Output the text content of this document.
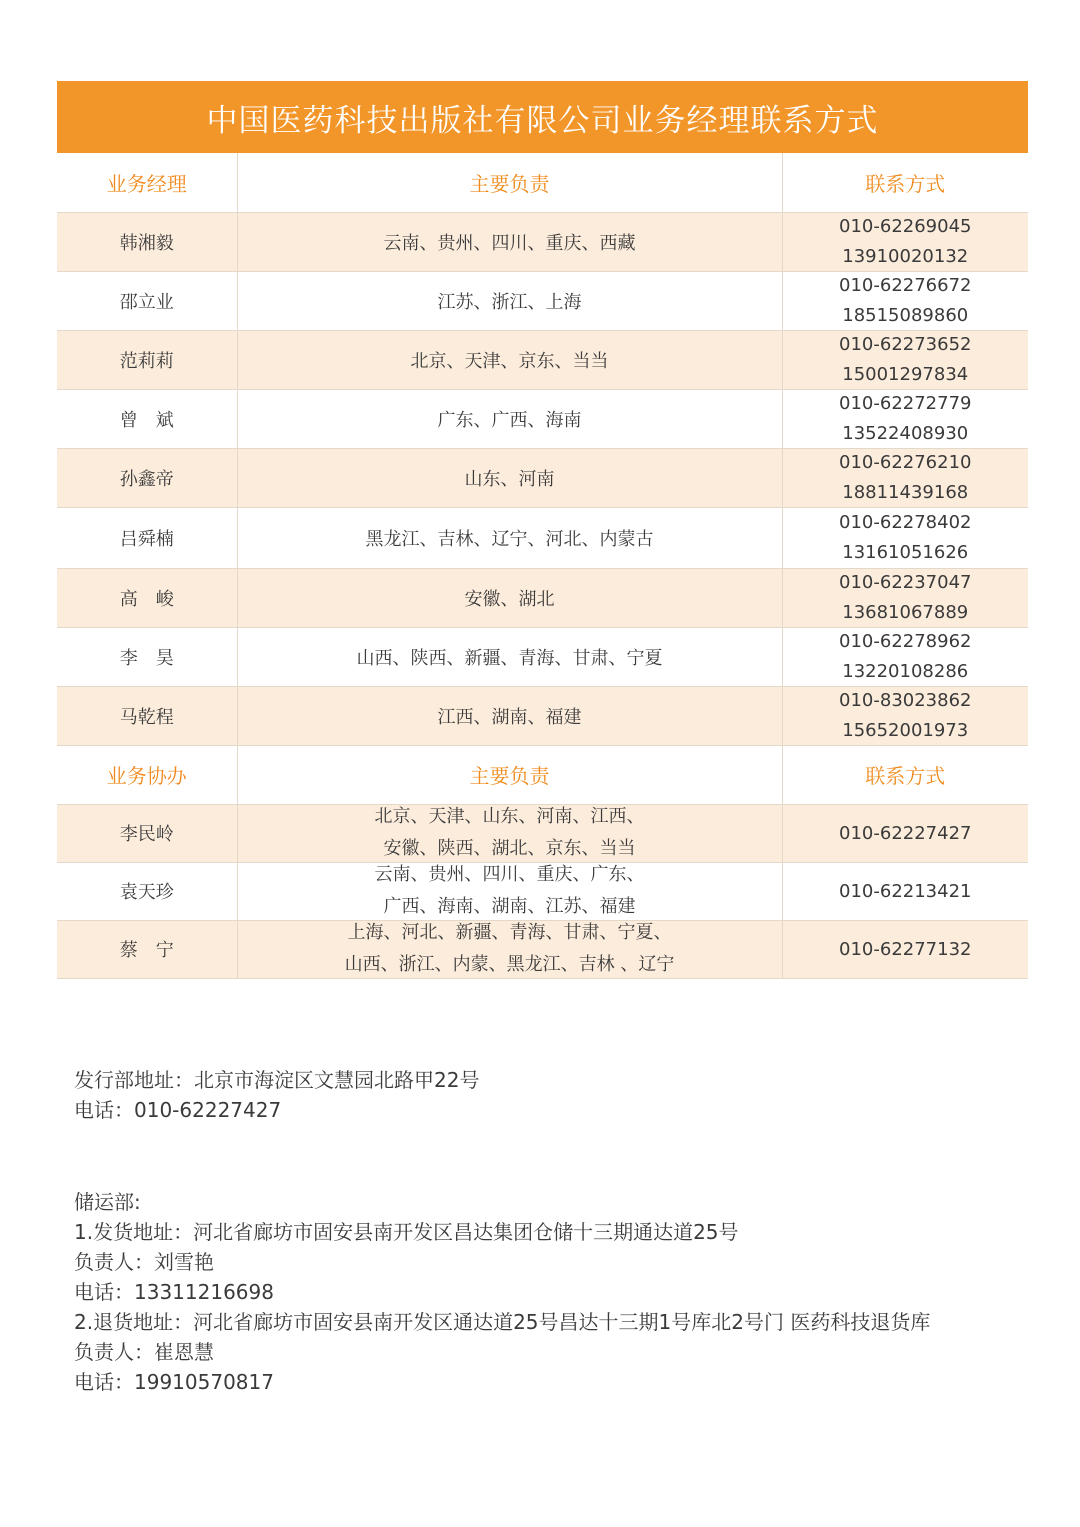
中国医药科技出版社有限公司业务经理联系方式
业务经理	主要负责	联系方式
韩湘毅	云南、贵州、四川、重庆、西藏	010-62269045
13910020132

邵立业	江苏、浙江、上海	010-62276672
18515089860

范莉莉	北京、天津、京东、当当	010-62273652
15001297834

曾　斌	广东、广西、海南	010-62272779
13522408930

孙鑫帝	山东、河南	010-62276210
18811439168

吕舜楠	黑龙江、吉林、辽宁、河北、内蒙古	010-62278402
13161051626

高　峻	安徽、湖北	010-62237047
13681067889

李　昊	山西、陕西、新疆、青海、甘肃、宁夏	010-62278962
13220108286

马乾程	江西、湖南、福建	010-83023862
15652001973

业务协办	主要负责	联系方式
李民岭	北京、天津、山东、河南、江西、
安徽、陕西、湖北、京东、当当	010-62227427
袁天珍	云南、贵州、四川、重庆、广东、
广西、海南、湖南、江苏、福建	010-62213421
蔡　宁	上海、河北、新疆、青海、甘肃、宁夏、
山西、浙江、内蒙、黑龙江、吉林 、辽宁	010-62277132
发行部地址：北京市海淀区文慧园北路甲22号
电话：010-62227427
储运部:
1.发货地址：河北省廊坊市固安县南开发区昌达集团仓储十三期通达道25号
负责人：刘雪艳
电话：13311216698
2.退货地址：河北省廊坊市固安县南开发区通达道25号昌达十三期1号库北2号门 医药科技退货库
负责人：崔恩慧
电话：19910570817
